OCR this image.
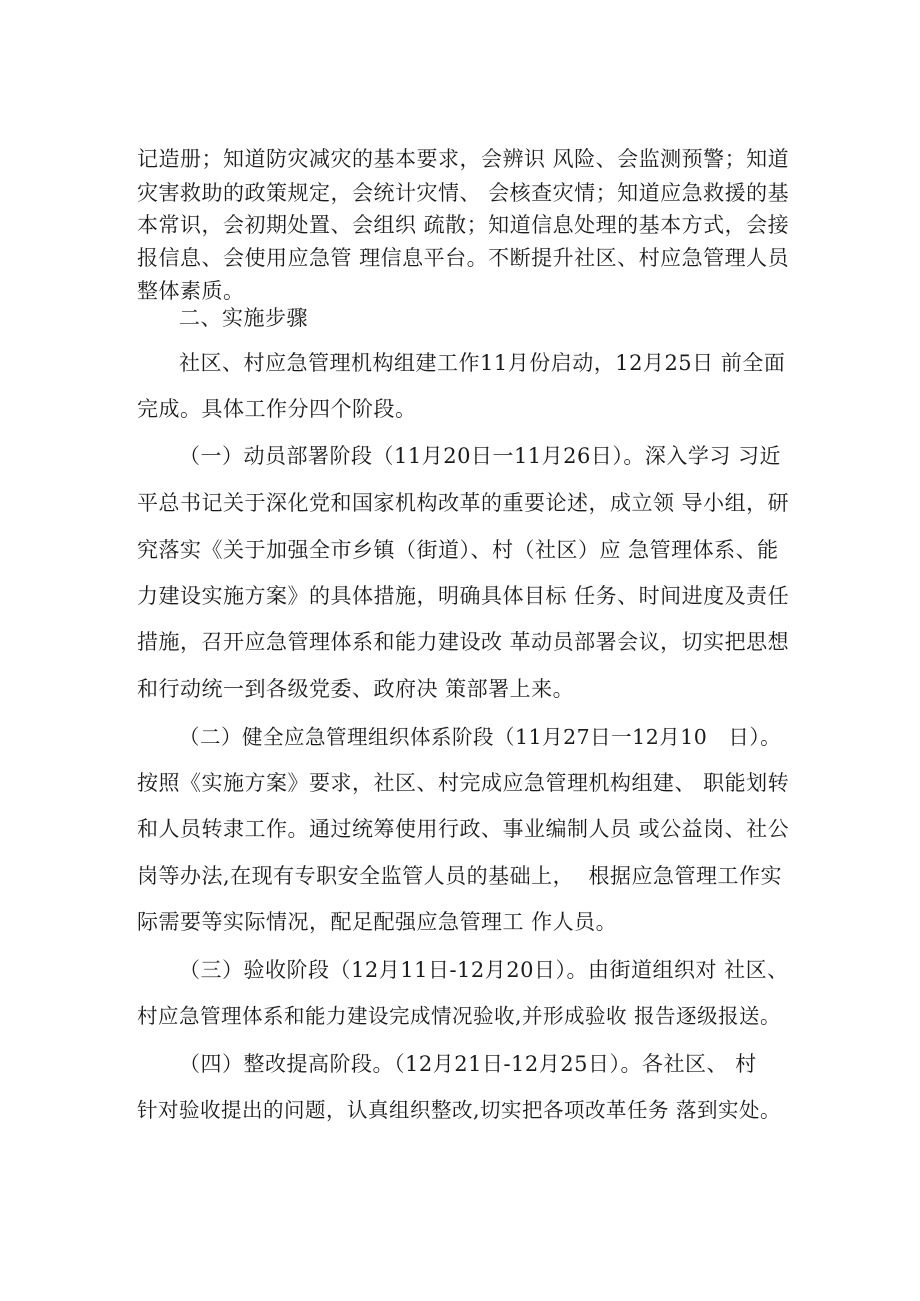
记造册；知道防灾减灾的基本要求，会辨识 风险、会监测预警；知道
灾害救助的政策规定，会统计灾情、 会核查灾情；知道应急救援的基
本常识，会初期处置、会组织 疏散；知道信息处理的基本方式，会接
报信息、会使用应急管 理信息平台。不断提升社区、村应急管理人员
整体素质。
二、实施步骤
社区、村应急管理机构组建工作11月份启动，12月25日 前全面
完成。具体工作分四个阶段。
（一）动员部署阶段（11月20日一11月26日）。深入学习 习近
平总书记关于深化党和国家机构改革的重要论述，成立领 导小组，研
究落实《关于加强全市乡镇（街道）、村（社区）应 急管理体系、能
力建设实施方案》的具体措施，明确具体目标 任务、时间进度及责任
措施，召开应急管理体系和能力建设改 革动员部署会议，切实把思想
和行动统一到各级党委、政府决 策部署上来。
（二）健全应急管理组织体系阶段（11月27日一12月10　日）。
按照《实施方案》要求，社区、村完成应急管理机构组建、 职能划转
和人员转隶工作。通过统筹使用行政、事业编制人员 或公益岗、社公
岗等办法,在现有专职安全监管人员的基础上，  根据应急管理工作实
际需要等实际情况，配足配强应急管理工 作人员。
（三）验收阶段（12月11日-12月20日）。由街道组织对 社区、
村应急管理体系和能力建设完成情况验收,并形成验收 报告逐级报送。
（四）整改提高阶段。（12月21日-12月25日）。各社区、 村
针对验收提出的问题，认真组织整改,切实把各项改革任务 落到实处。
